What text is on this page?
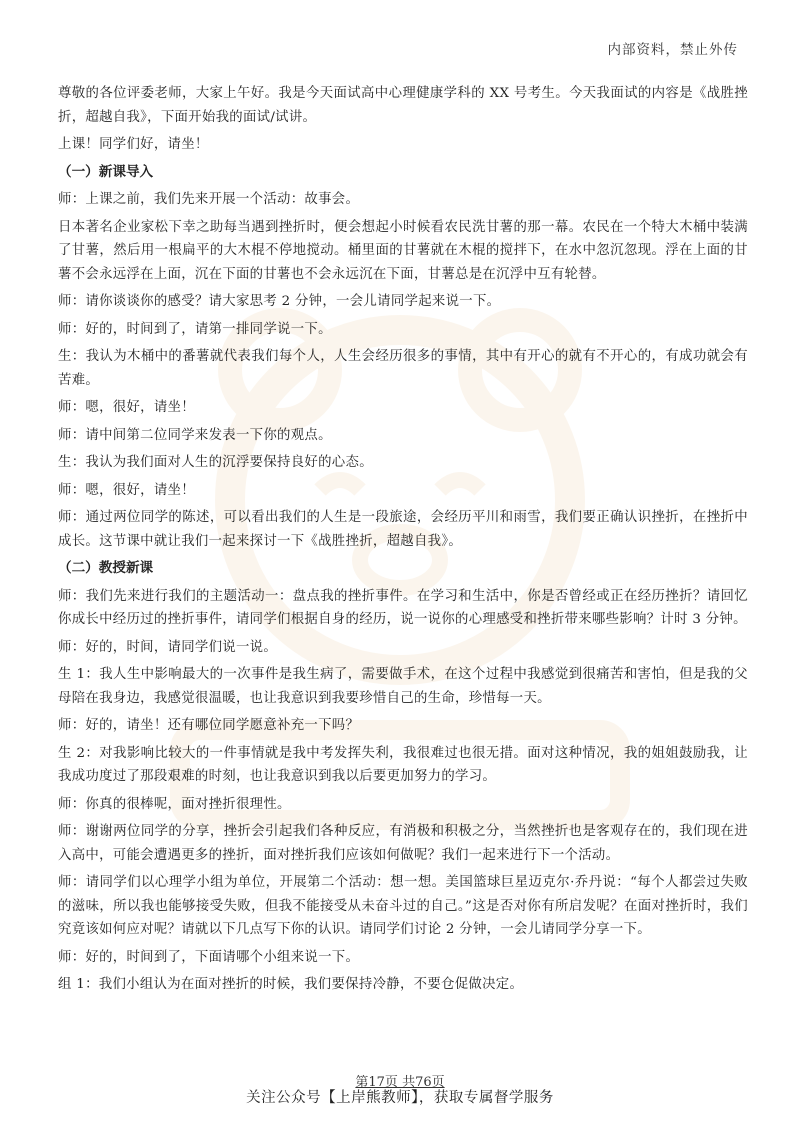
内部资料，禁止外传
尊敬的各位评委老师，大家上午好。我是今天面试高中心理健康学科的 XX 号考生。今天我面试的内容是《战胜挫折，超越自我》，下面开始我的面试/试讲。
上课！同学们好，请坐！
（一）新课导入
师：上课之前，我们先来开展一个活动：故事会。
日本著名企业家松下幸之助每当遇到挫折时，便会想起小时候看农民洗甘薯的那一幕。农民在一个特大木桶中装满了甘薯，然后用一根扁平的大木棍不停地搅动。桶里面的甘薯就在木棍的搅拌下，在水中忽沉忽现。浮在上面的甘薯不会永远浮在上面，沉在下面的甘薯也不会永远沉在下面，甘薯总是在沉浮中互有轮替。
师：请你谈谈你的感受？请大家思考 2 分钟，一会儿请同学起来说一下。
师：好的，时间到了，请第一排同学说一下。
生：我认为木桶中的番薯就代表我们每个人，人生会经历很多的事情，其中有开心的就有不开心的，有成功就会有苦难。
师：嗯，很好，请坐！
师：请中间第二位同学来发表一下你的观点。
生：我认为我们面对人生的沉浮要保持良好的心态。
师：嗯，很好，请坐！
师：通过两位同学的陈述，可以看出我们的人生是一段旅途，会经历平川和雨雪，我们要正确认识挫折，在挫折中成长。这节课中就让我们一起来探讨一下《战胜挫折，超越自我》。
（二）教授新课
师：我们先来进行我们的主题活动一：盘点我的挫折事件。在学习和生活中，你是否曾经或正在经历挫折？请回忆你成长中经历过的挫折事件，请同学们根据自身的经历，说一说你的心理感受和挫折带来哪些影响？计时 3 分钟。
师：好的，时间，请同学们说一说。
生 1：我人生中影响最大的一次事件是我生病了，需要做手术，在这个过程中我感觉到很痛苦和害怕，但是我的父母陪在我身边，我感觉很温暖，也让我意识到我要珍惜自己的生命，珍惜每一天。
师：好的，请坐！还有哪位同学愿意补充一下吗？
生 2：对我影响比较大的一件事情就是我中考发挥失利，我很难过也很无措。面对这种情况，我的姐姐鼓励我，让我成功度过了那段艰难的时刻，也让我意识到我以后要更加努力的学习。
师：你真的很棒呢，面对挫折很理性。
师：谢谢两位同学的分享，挫折会引起我们各种反应，有消极和积极之分，当然挫折也是客观存在的，我们现在进入高中，可能会遭遇更多的挫折，面对挫折我们应该如何做呢？我们一起来进行下一个活动。
师：请同学们以心理学小组为单位，开展第二个活动：想一想。美国篮球巨星迈克尔·乔丹说：“每个人都尝过失败的滋味，所以我也能够接受失败，但我不能接受从未奋斗过的自己。”这是否对你有所启发呢？在面对挫折时，我们究竟该如何应对呢？请就以下几点写下你的认识。请同学们讨论 2 分钟，一会儿请同学分享一下。
师：好的，时间到了，下面请哪个小组来说一下。
组 1：我们小组认为在面对挫折的时候，我们要保持冷静，不要仓促做决定。
第17页 共76页
关注公众号【上岸熊教师】，获取专属督学服务
